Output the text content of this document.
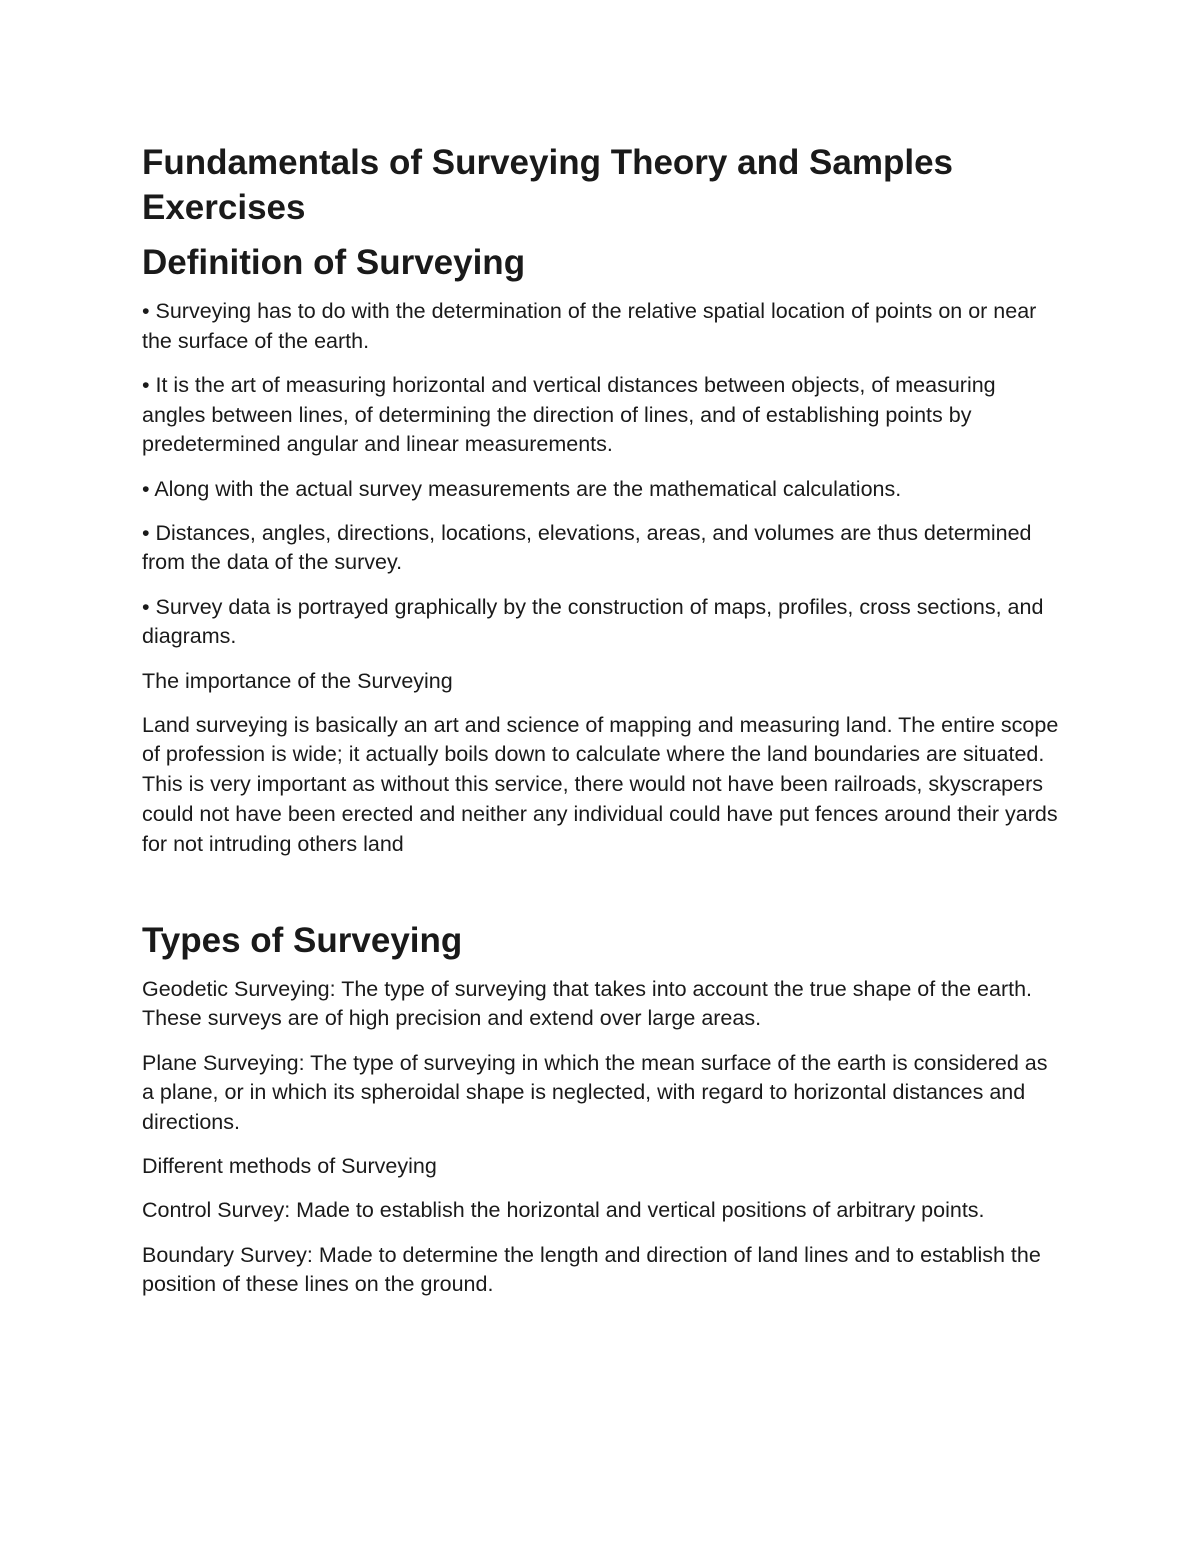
Fundamentals of Surveying Theory and Samples Exercises
Definition of Surveying

• Surveying has to do with the determination of the relative spatial location of points on or near the surface of the earth.

• It is the art of measuring horizontal and vertical distances between objects, of measuring angles between lines, of determining the direction of lines, and of establishing points by predetermined angular and linear measurements.

• Along with the actual survey measurements are the mathematical calculations.

• Distances, angles, directions, locations, elevations, areas, and volumes are thus determined from the data of the survey.

• Survey data is portrayed graphically by the construction of maps, profiles, cross sections, and diagrams.

The importance of the Surveying

Land surveying is basically an art and science of mapping and measuring land. The entire scope of profession is wide; it actually boils down to calculate where the land boundaries are situated. This is very important as without this service, there would not have been railroads, skyscrapers could not have been erected and neither any individual could have put fences around their yards for not intruding others land

Types of Surveying

Geodetic Surveying: The type of surveying that takes into account the true shape of the earth. These surveys are of high precision and extend over large areas.

Plane Surveying: The type of surveying in which the mean surface of the earth is considered as a plane, or in which its spheroidal shape is neglected, with regard to horizontal distances and directions.

Different methods of Surveying

Control Survey: Made to establish the horizontal and vertical positions of arbitrary points.

Boundary Survey: Made to determine the length and direction of land lines and to establish the position of these lines on the ground.
